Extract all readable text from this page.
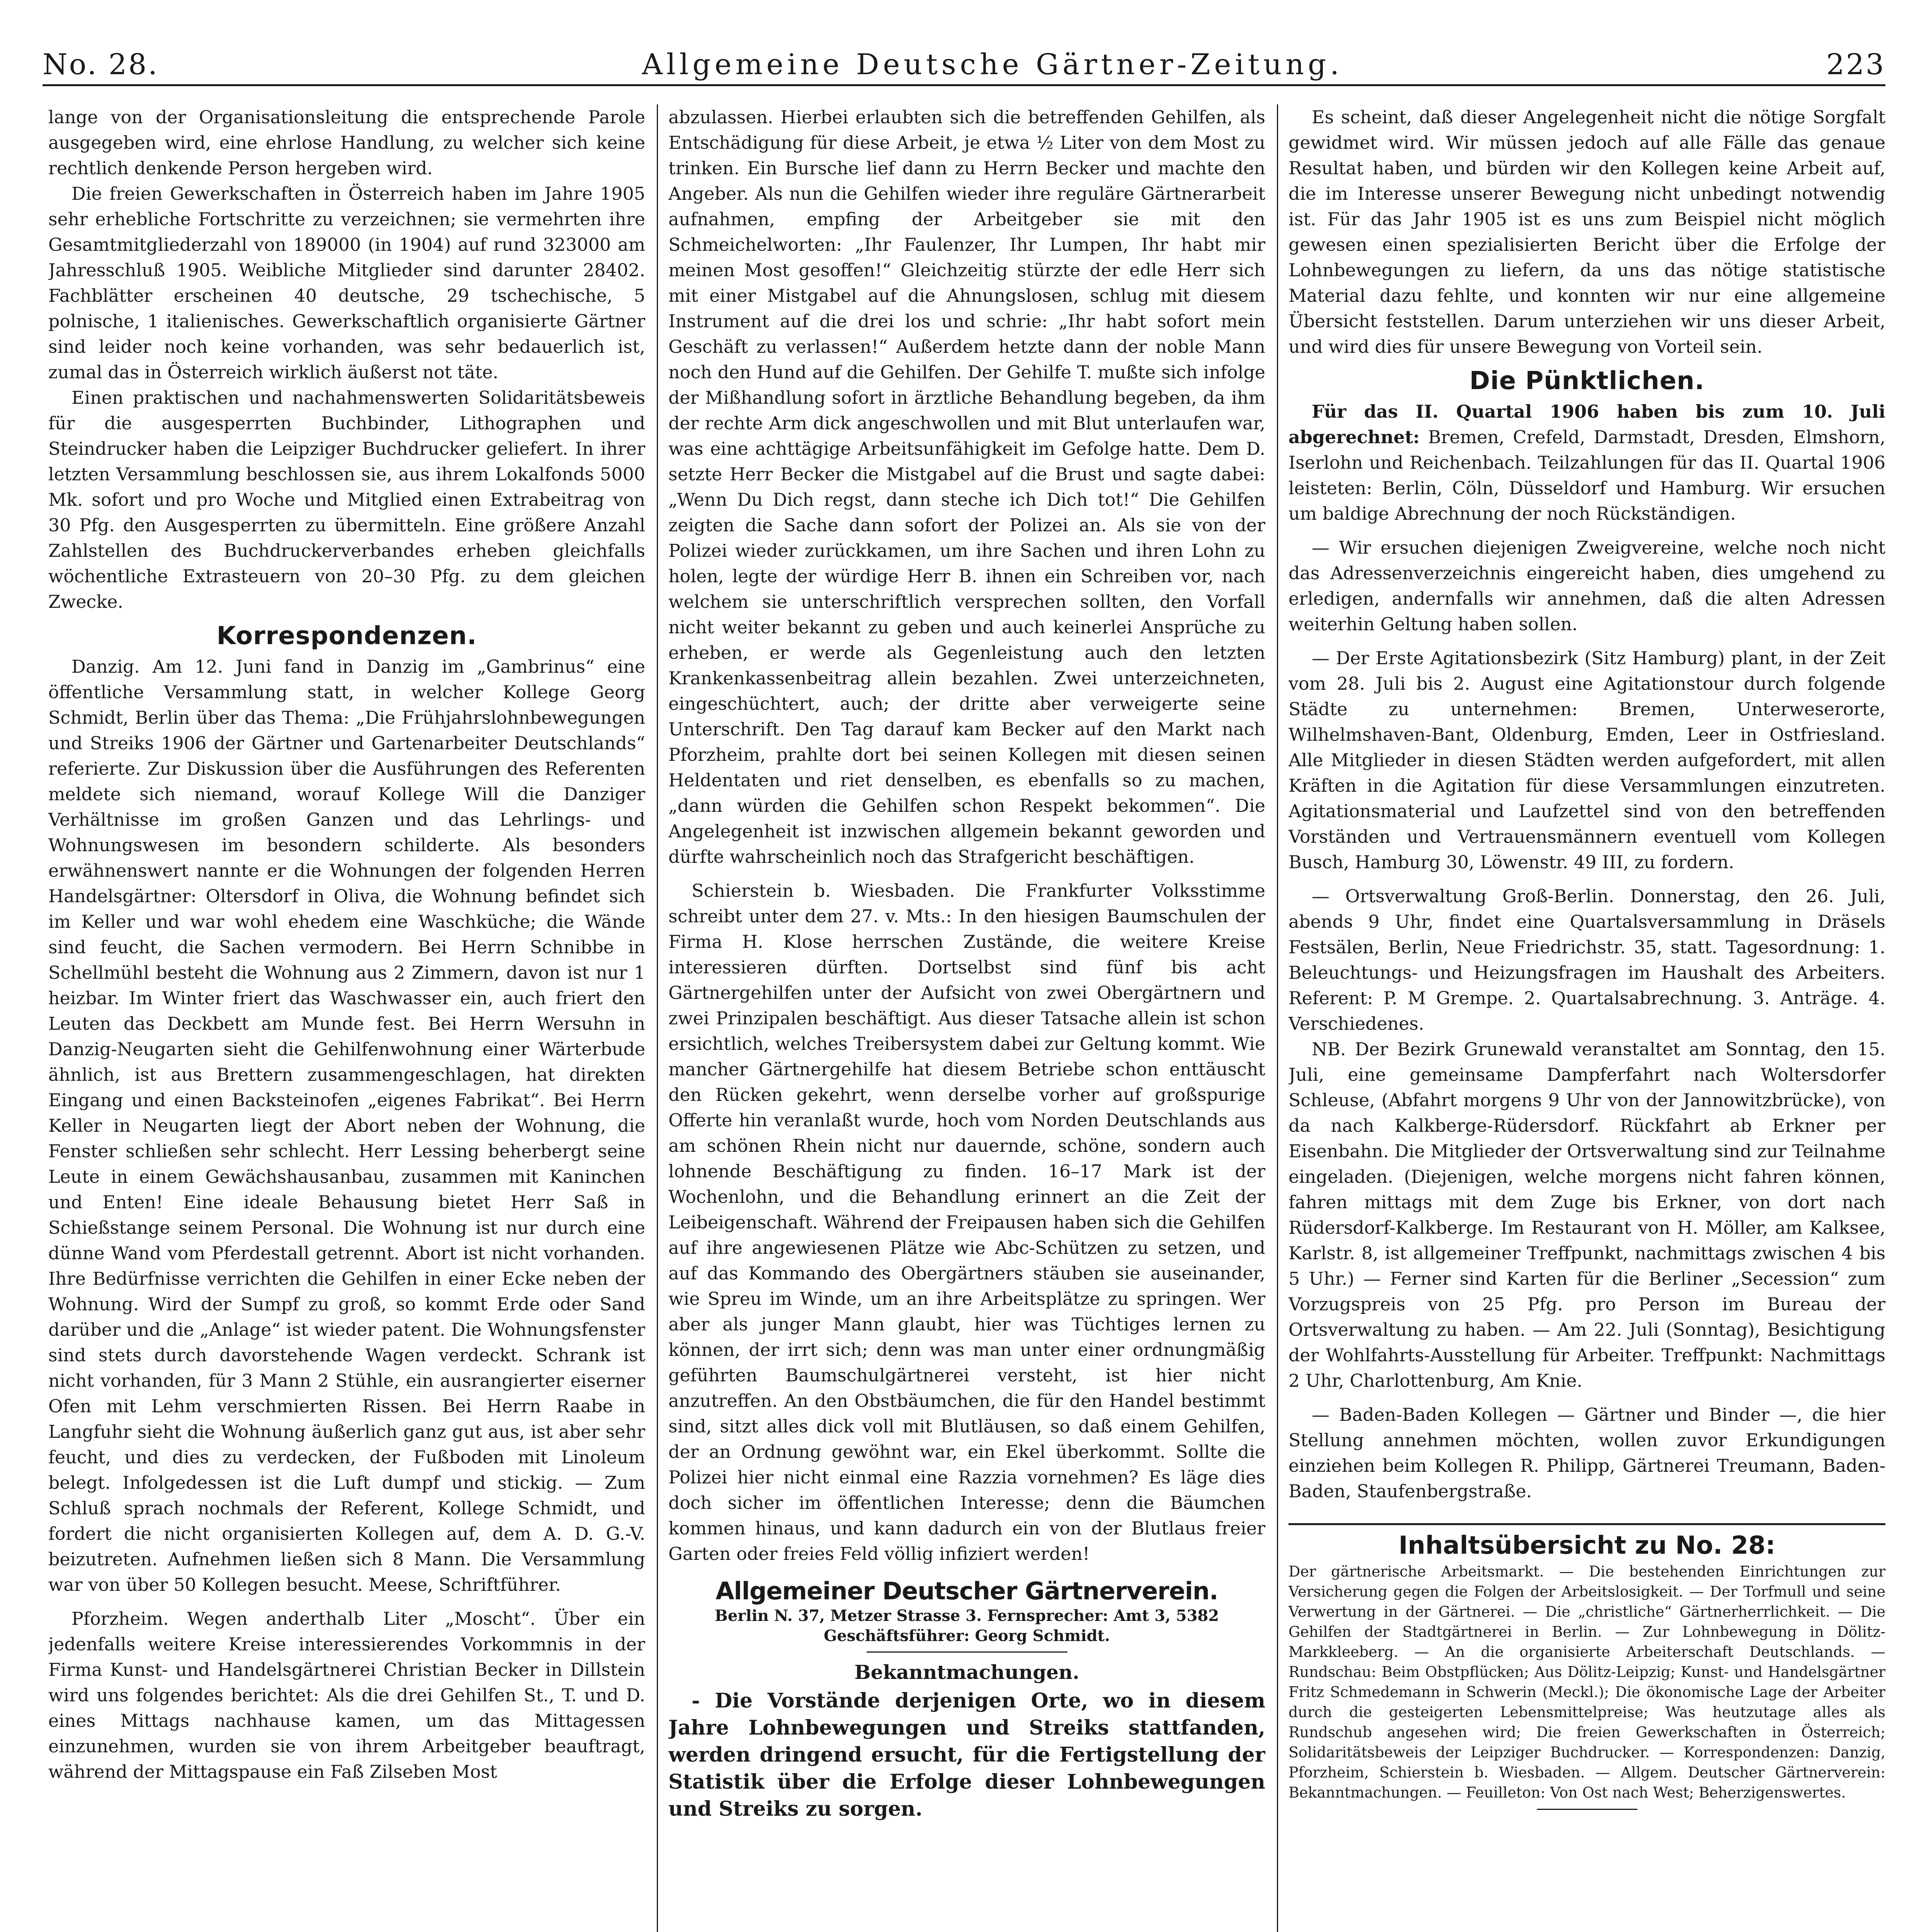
No. 28.	Allgemeine Deutsche Gärtner-Zeitung.	223

lange von der Organisationsleitung die entsprechende Parole ausgegeben wird, eine ehrlose Handlung, zu welcher sich keine rechtlich denkende Person hergeben wird.

Die freien Gewerkschaften in Österreich haben im Jahre 1905 sehr erhebliche Fortschritte zu verzeichnen; sie vermehrten ihre Gesamtmitgliederzahl von 189000 (in 1904) auf rund 323000 am Jahresschluß 1905. Weibliche Mitglieder sind darunter 28402. Fachblätter erscheinen 40 deutsche, 29 tschechische, 5 polnische, 1 italienisches. Gewerkschaftlich organisierte Gärtner sind leider noch keine vorhanden, was sehr bedauerlich ist, zumal das in Österreich wirklich äußerst not täte.

Einen praktischen und nachahmenswerten Solidaritätsbeweis für die ausgesperrten Buchbinder, Lithographen und Steindrucker haben die Leipziger Buchdrucker geliefert. In ihrer letzten Versammlung beschlossen sie, aus ihrem Lokalfonds 5000 Mk. sofort und pro Woche und Mitglied einen Extrabeitrag von 30 Pfg. den Ausgesperrten zu übermitteln. Eine größere Anzahl Zahlstellen des Buchdruckerverbandes erheben gleichfalls wöchentliche Extrasteuern von 20–30 Pfg. zu dem gleichen Zwecke.

Korrespondenzen.

Danzig. Am 12. Juni fand in Danzig im „Gambrinus“ eine öffentliche Versammlung statt, in welcher Kollege Georg Schmidt, Berlin über das Thema: „Die Frühjahrslohnbewegungen und Streiks 1906 der Gärtner und Gartenarbeiter Deutschlands“ referierte. Zur Diskussion über die Ausführungen des Referenten meldete sich niemand, worauf Kollege Will die Danziger Verhältnisse im großen Ganzen und das Lehrlings- und Wohnungswesen im besondern schilderte. Als besonders erwähnenswert nannte er die Wohnungen der folgenden Herren Handelsgärtner: Oltersdorf in Oliva, die Wohnung befindet sich im Keller und war wohl ehedem eine Waschküche; die Wände sind feucht, die Sachen vermodern. Bei Herrn Schnibbe in Schellmühl besteht die Wohnung aus 2 Zimmern, davon ist nur 1 heizbar. Im Winter friert das Waschwasser ein, auch friert den Leuten das Deckbett am Munde fest. Bei Herrn Wersuhn in Danzig-Neugarten sieht die Gehilfenwohnung einer Wärterbude ähnlich, ist aus Brettern zusammengeschlagen, hat direkten Eingang und einen Backsteinofen „eigenes Fabrikat“. Bei Herrn Keller in Neugarten liegt der Abort neben der Wohnung, die Fenster schließen sehr schlecht. Herr Lessing beherbergt seine Leute in einem Gewächshausanbau, zusammen mit Kaninchen und Enten! Eine ideale Behausung bietet Herr Saß in Schießstange seinem Personal. Die Wohnung ist nur durch eine dünne Wand vom Pferdestall getrennt. Abort ist nicht vorhanden. Ihre Bedürfnisse verrichten die Gehilfen in einer Ecke neben der Wohnung. Wird der Sumpf zu groß, so kommt Erde oder Sand darüber und die „Anlage“ ist wieder patent. Die Wohnungsfenster sind stets durch davorstehende Wagen verdeckt. Schrank ist nicht vorhanden, für 3 Mann 2 Stühle, ein ausrangierter eiserner Ofen mit Lehm verschmierten Rissen. Bei Herrn Raabe in Langfuhr sieht die Wohnung äußerlich ganz gut aus, ist aber sehr feucht, und dies zu verdecken, der Fußboden mit Linoleum belegt. Infolgedessen ist die Luft dumpf und stickig. — Zum Schluß sprach nochmals der Referent, Kollege Schmidt, und fordert die nicht organisierten Kollegen auf, dem A. D. G.-V. beizutreten. Aufnehmen ließen sich 8 Mann. Die Versammlung war von über 50 Kollegen besucht. Meese, Schriftführer.

Pforzheim. Wegen anderthalb Liter „Moscht“. Über ein jedenfalls weitere Kreise interessierendes Vorkommnis in der Firma Kunst- und Handelsgärtnerei Christian Becker in Dillstein wird uns folgendes berichtet: Als die drei Gehilfen St., T. und D. eines Mittags nachhause kamen, um das Mittagessen einzunehmen, wurden sie von ihrem Arbeitgeber beauftragt, während der Mittagspause ein Faß Zilseben Most

abzulassen. Hierbei erlaubten sich die betreffenden Gehilfen, als Entschädigung für diese Arbeit, je etwa ½ Liter von dem Most zu trinken. Ein Bursche lief dann zu Herrn Becker und machte den Angeber. Als nun die Gehilfen wieder ihre reguläre Gärtnerarbeit aufnahmen, empfing der Arbeitgeber sie mit den Schmeichelworten: „Ihr Faulenzer, Ihr Lumpen, Ihr habt mir meinen Most gesoffen!“ Gleichzeitig stürzte der edle Herr sich mit einer Mistgabel auf die Ahnungslosen, schlug mit diesem Instrument auf die drei los und schrie: „Ihr habt sofort mein Geschäft zu verlassen!“ Außerdem hetzte dann der noble Mann noch den Hund auf die Gehilfen. Der Gehilfe T. mußte sich infolge der Mißhandlung sofort in ärztliche Behandlung begeben, da ihm der rechte Arm dick angeschwollen und mit Blut unterlaufen war, was eine achttägige Arbeitsunfähigkeit im Gefolge hatte. Dem D. setzte Herr Becker die Mistgabel auf die Brust und sagte dabei: „Wenn Du Dich regst, dann steche ich Dich tot!“ Die Gehilfen zeigten die Sache dann sofort der Polizei an. Als sie von der Polizei wieder zurückkamen, um ihre Sachen und ihren Lohn zu holen, legte der würdige Herr B. ihnen ein Schreiben vor, nach welchem sie unterschriftlich versprechen sollten, den Vorfall nicht weiter bekannt zu geben und auch keinerlei Ansprüche zu erheben, er werde als Gegenleistung auch den letzten Krankenkassenbeitrag allein bezahlen. Zwei unterzeichneten, eingeschüchtert, auch; der dritte aber verweigerte seine Unterschrift. Den Tag darauf kam Becker auf den Markt nach Pforzheim, prahlte dort bei seinen Kollegen mit diesen seinen Heldentaten und riet denselben, es ebenfalls so zu machen, „dann würden die Gehilfen schon Respekt bekommen“. Die Angelegenheit ist inzwischen allgemein bekannt geworden und dürfte wahrscheinlich noch das Strafgericht beschäftigen.

Schierstein b. Wiesbaden. Die Frankfurter Volksstimme schreibt unter dem 27. v. Mts.: In den hiesigen Baumschulen der Firma H. Klose herrschen Zustände, die weitere Kreise interessieren dürften. Dortselbst sind fünf bis acht Gärtnergehilfen unter der Aufsicht von zwei Obergärtnern und zwei Prinzipalen beschäftigt. Aus dieser Tatsache allein ist schon ersichtlich, welches Treibersystem dabei zur Geltung kommt. Wie mancher Gärtnergehilfe hat diesem Betriebe schon enttäuscht den Rücken gekehrt, wenn derselbe vorher auf großspurige Offerte hin veranlaßt wurde, hoch vom Norden Deutschlands aus am schönen Rhein nicht nur dauernde, schöne, sondern auch lohnende Beschäftigung zu finden. 16–17 Mark ist der Wochenlohn, und die Behandlung erinnert an die Zeit der Leibeigenschaft. Während der Freipausen haben sich die Gehilfen auf ihre angewiesenen Plätze wie Abc-Schützen zu setzen, und auf das Kommando des Obergärtners stäuben sie auseinander, wie Spreu im Winde, um an ihre Arbeitsplätze zu springen. Wer aber als junger Mann glaubt, hier was Tüchtiges lernen zu können, der irrt sich; denn was man unter einer ordnungmäßig geführten Baumschulgärtnerei versteht, ist hier nicht anzutreffen. An den Obstbäumchen, die für den Handel bestimmt sind, sitzt alles dick voll mit Blutläusen, so daß einem Gehilfen, der an Ordnung gewöhnt war, ein Ekel überkommt. Sollte die Polizei hier nicht einmal eine Razzia vornehmen? Es läge dies doch sicher im öffentlichen Interesse; denn die Bäumchen kommen hinaus, und kann dadurch ein von der Blutlaus freier Garten oder freies Feld völlig infiziert werden!

Allgemeiner Deutscher Gärtnerverein.
Berlin N. 37, Metzer Strasse 3. Fernsprecher: Amt 3, 5382
Geschäftsführer: Georg Schmidt.
Bekanntmachungen.

- Die Vorstände derjenigen Orte, wo in diesem Jahre Lohnbewegungen und Streiks stattfanden, werden dringend ersucht, für die Fertigstellung der Statistik über die Erfolge dieser Lohnbewegungen und Streiks zu sorgen.

Es scheint, daß dieser Angelegenheit nicht die nötige Sorgfalt gewidmet wird. Wir müssen jedoch auf alle Fälle das genaue Resultat haben, und bürden wir den Kollegen keine Arbeit auf, die im Interesse unserer Bewegung nicht unbedingt notwendig ist. Für das Jahr 1905 ist es uns zum Beispiel nicht möglich gewesen einen spezialisierten Bericht über die Erfolge der Lohnbewegungen zu liefern, da uns das nötige statistische Material dazu fehlte, und konnten wir nur eine allgemeine Übersicht feststellen. Darum unterziehen wir uns dieser Arbeit, und wird dies für unsere Bewegung von Vorteil sein.

Die Pünktlichen.

Für das II. Quartal 1906 haben bis zum 10. Juli abgerechnet: Bremen, Crefeld, Darmstadt, Dresden, Elmshorn, Iserlohn und Reichenbach. Teilzahlungen für das II. Quartal 1906 leisteten: Berlin, Cöln, Düsseldorf und Hamburg. Wir ersuchen um baldige Abrechnung der noch Rückständigen.

— Wir ersuchen diejenigen Zweigvereine, welche noch nicht das Adressenverzeichnis eingereicht haben, dies umgehend zu erledigen, andernfalls wir annehmen, daß die alten Adressen weiterhin Geltung haben sollen.

— Der Erste Agitationsbezirk (Sitz Hamburg) plant, in der Zeit vom 28. Juli bis 2. August eine Agitationstour durch folgende Städte zu unternehmen: Bremen, Unterweserorte, Wilhelmshaven-Bant, Oldenburg, Emden, Leer in Ostfriesland. Alle Mitglieder in diesen Städten werden aufgefordert, mit allen Kräften in die Agitation für diese Versammlungen einzutreten. Agitationsmaterial und Laufzettel sind von den betreffenden Vorständen und Vertrauensmännern eventuell vom Kollegen Busch, Hamburg 30, Löwenstr. 49 III, zu fordern.

— Ortsverwaltung Groß-Berlin. Donnerstag, den 26. Juli, abends 9 Uhr, findet eine Quartalsversammlung in Dräsels Festsälen, Berlin, Neue Friedrichstr. 35, statt. Tagesordnung: 1. Beleuchtungs- und Heizungsfragen im Haushalt des Arbeiters. Referent: P. M Grempe. 2. Quartalsabrechnung. 3. Anträge. 4. Verschiedenes.

NB. Der Bezirk Grunewald veranstaltet am Sonntag, den 15. Juli, eine gemeinsame Dampferfahrt nach Woltersdorfer Schleuse, (Abfahrt morgens 9 Uhr von der Jannowitzbrücke), von da nach Kalkberge-Rüdersdorf. Rückfahrt ab Erkner per Eisenbahn. Die Mitglieder der Ortsverwaltung sind zur Teilnahme eingeladen. (Diejenigen, welche morgens nicht fahren können, fahren mittags mit dem Zuge bis Erkner, von dort nach Rüdersdorf-Kalkberge. Im Restaurant von H. Möller, am Kalksee, Karlstr. 8, ist allgemeiner Treffpunkt, nachmittags zwischen 4 bis 5 Uhr.) — Ferner sind Karten für die Berliner „Secession“ zum Vorzugspreis von 25 Pfg. pro Person im Bureau der Ortsverwaltung zu haben. — Am 22. Juli (Sonntag), Besichtigung der Wohlfahrts-Ausstellung für Arbeiter. Treffpunkt: Nachmittags 2 Uhr, Charlottenburg, Am Knie.

— Baden-Baden Kollegen — Gärtner und Binder —, die hier Stellung annehmen möchten, wollen zuvor Erkundigungen einziehen beim Kollegen R. Philipp, Gärtnerei Treumann, Baden-Baden, Staufenbergstraße.

Inhaltsübersicht zu No. 28:
Der gärtnerische Arbeitsmarkt. — Die bestehenden Einrichtungen zur Versicherung gegen die Folgen der Arbeitslosigkeit. — Der Torfmull und seine Verwertung in der Gärtnerei. — Die „christliche“ Gärtnerherrlichkeit. — Die Gehilfen der Stadtgärtnerei in Berlin. — Zur Lohnbewegung in Dölitz-Markkleeberg. — An die organisierte Arbeiterschaft Deutschlands. — Rundschau: Beim Obstpflücken; Aus Dölitz-Leipzig; Kunst- und Handelsgärtner Fritz Schmedemann in Schwerin (Meckl.); Die ökonomische Lage der Arbeiter durch die gesteigerten Lebensmittelpreise; Was heutzutage alles als Rundschub angesehen wird; Die freien Gewerkschaften in Österreich; Solidaritätsbeweis der Leipziger Buchdrucker. — Korrespondenzen: Danzig, Pforzheim, Schierstein b. Wiesbaden. — Allgem. Deutscher Gärtnerverein: Bekanntmachungen. — Feuilleton: Von Ost nach West; Beherzigenswertes.
